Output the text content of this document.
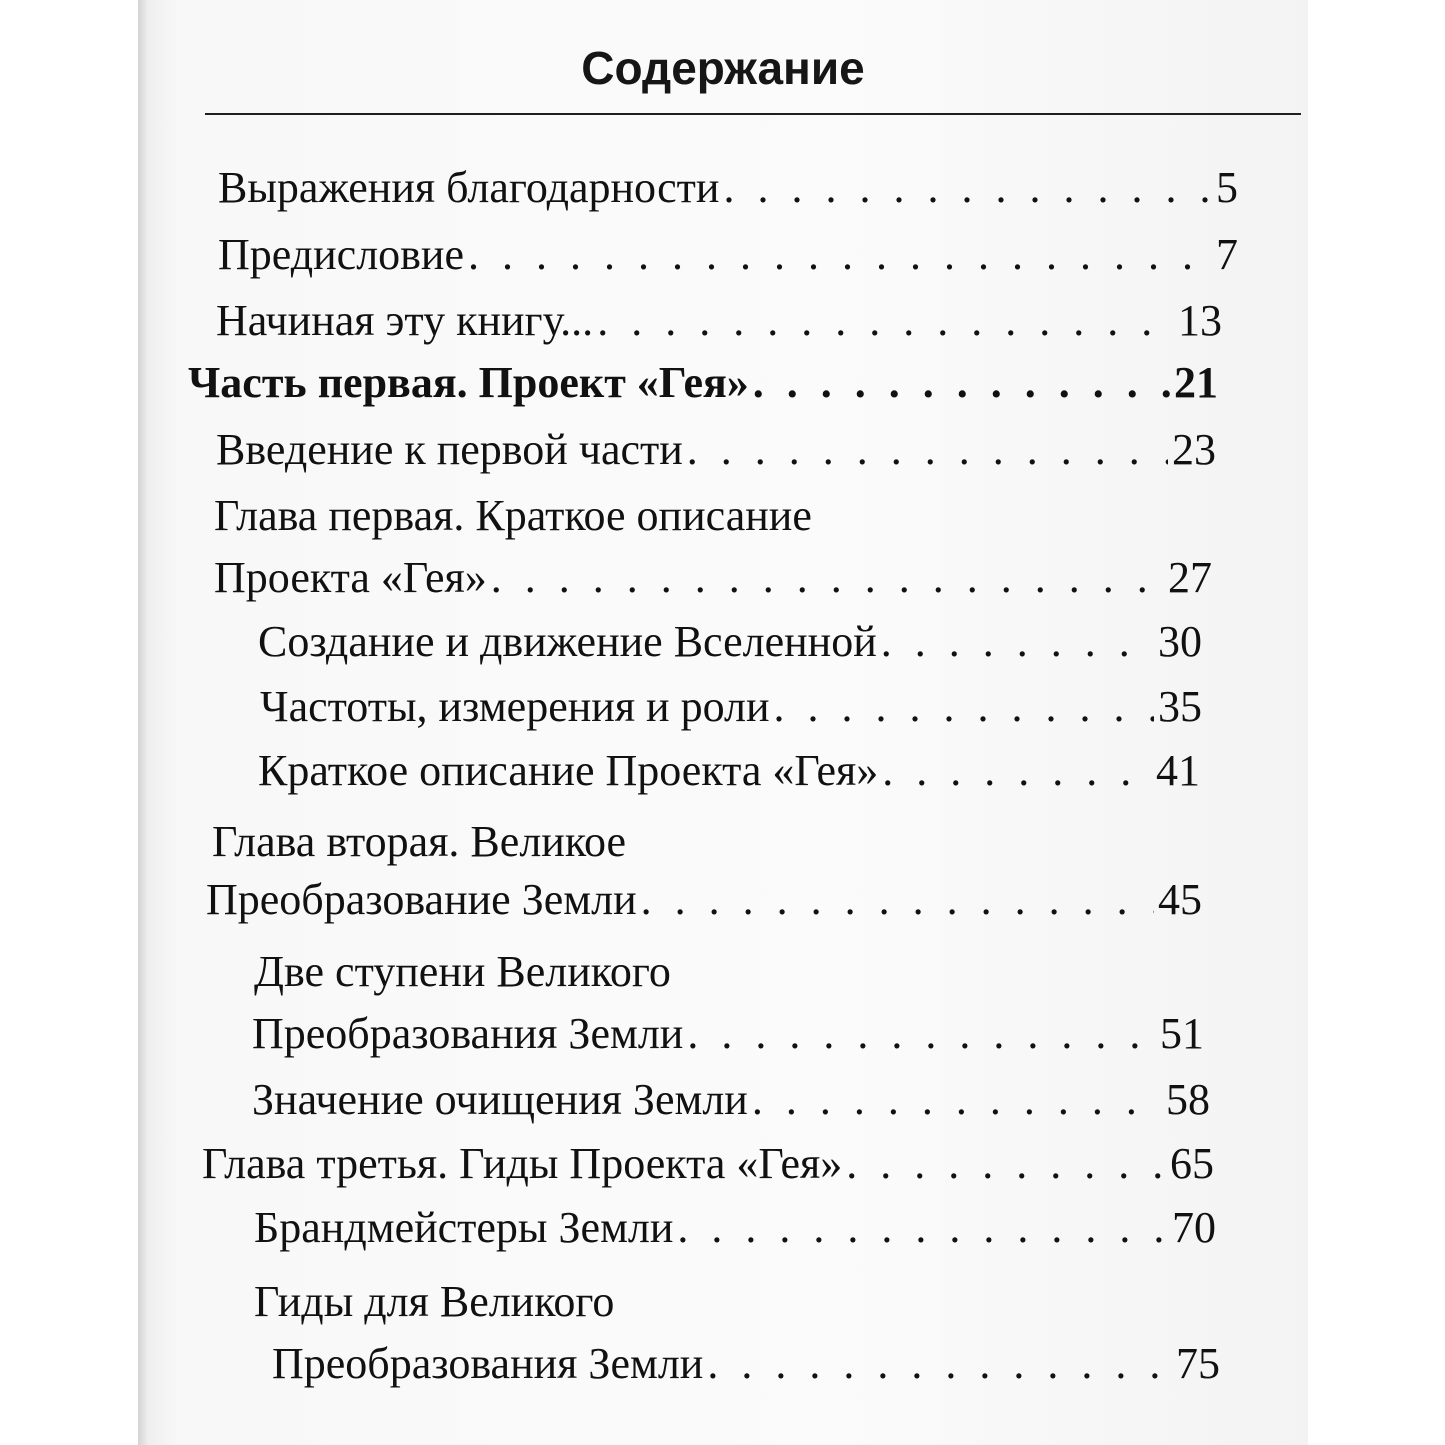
Содержание
Выражения благодарности . . .	5
Предисловие . . .	7
Начиная эту книгу... . . .	13
Часть первая. Проект «Гея» . . .	21
Введение к первой части . . .	23
Глава первая. Краткое описание
Проекта «Гея» . . .	27
Создание и движение Вселенной . . .	30
Частоты, измерения и роли . . .	35
Краткое описание Проекта «Гея» . . .	41
Глава вторая. Великое
Преобразование Земли . . .	45
Две ступени Великого
Преобразования Земли . . .	51
Значение очищения Земли . . .	58
Глава третья. Гиды Проекта «Гея» . . .	65
Брандмейстеры Земли . . .	70
Гиды для Великого
Преобразования Земли . . .	75
